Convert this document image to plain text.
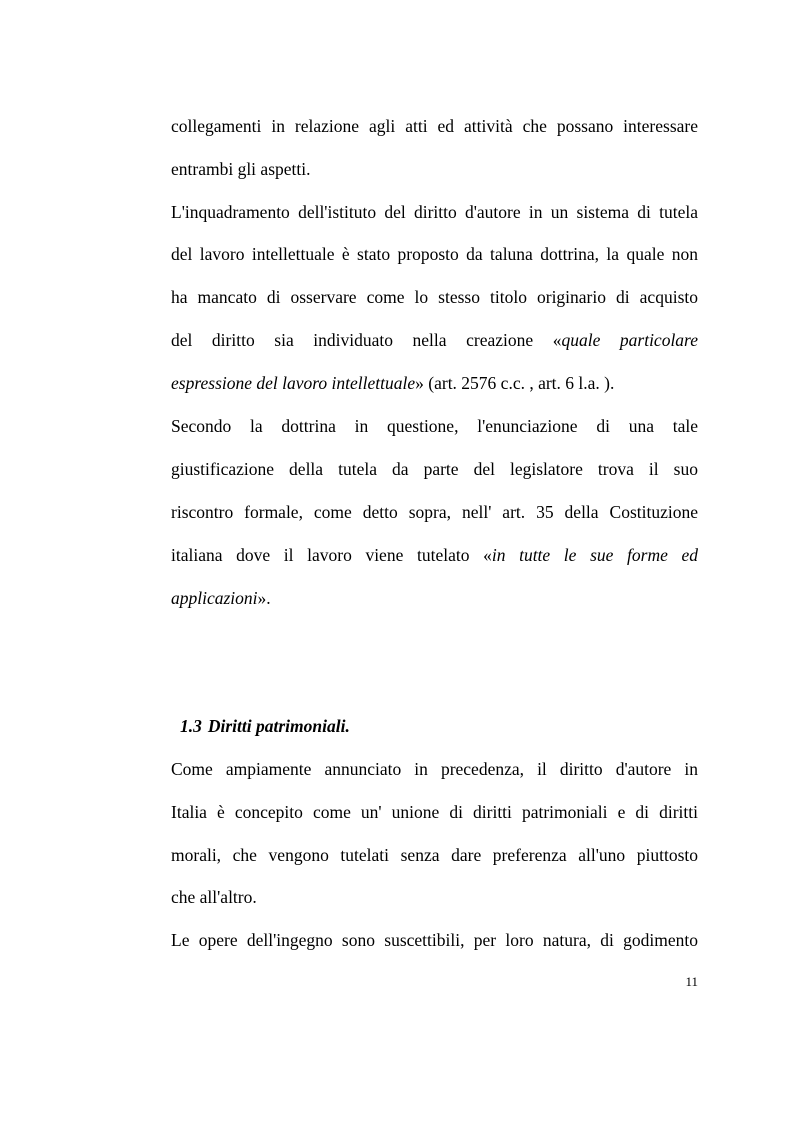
collegamenti in relazione agli atti ed attività che possano interessare
entrambi gli aspetti.
L'inquadramento dell'istituto del diritto d'autore in un sistema di tutela
del lavoro intellettuale è stato proposto da taluna dottrina, la quale non
ha mancato di osservare come lo stesso titolo originario di acquisto
del diritto sia individuato nella creazione «quale particolare
espressione del lavoro intellettuale» (art. 2576 c.c. , art. 6 l.a. ).
Secondo la dottrina in questione, l'enunciazione di una tale
giustificazione della tutela da parte del legislatore trova il suo
riscontro formale, come detto sopra, nell' art. 35 della Costituzione
italiana dove il lavoro viene tutelato «in tutte le sue forme ed
applicazioni».
1.3 Diritti patrimoniali.
Come ampiamente annunciato in precedenza, il diritto d'autore in
Italia è concepito come un' unione di diritti patrimoniali e di diritti
morali, che vengono tutelati senza dare preferenza all'uno piuttosto
che all'altro.
Le opere dell'ingegno sono suscettibili, per loro natura, di godimento
11
